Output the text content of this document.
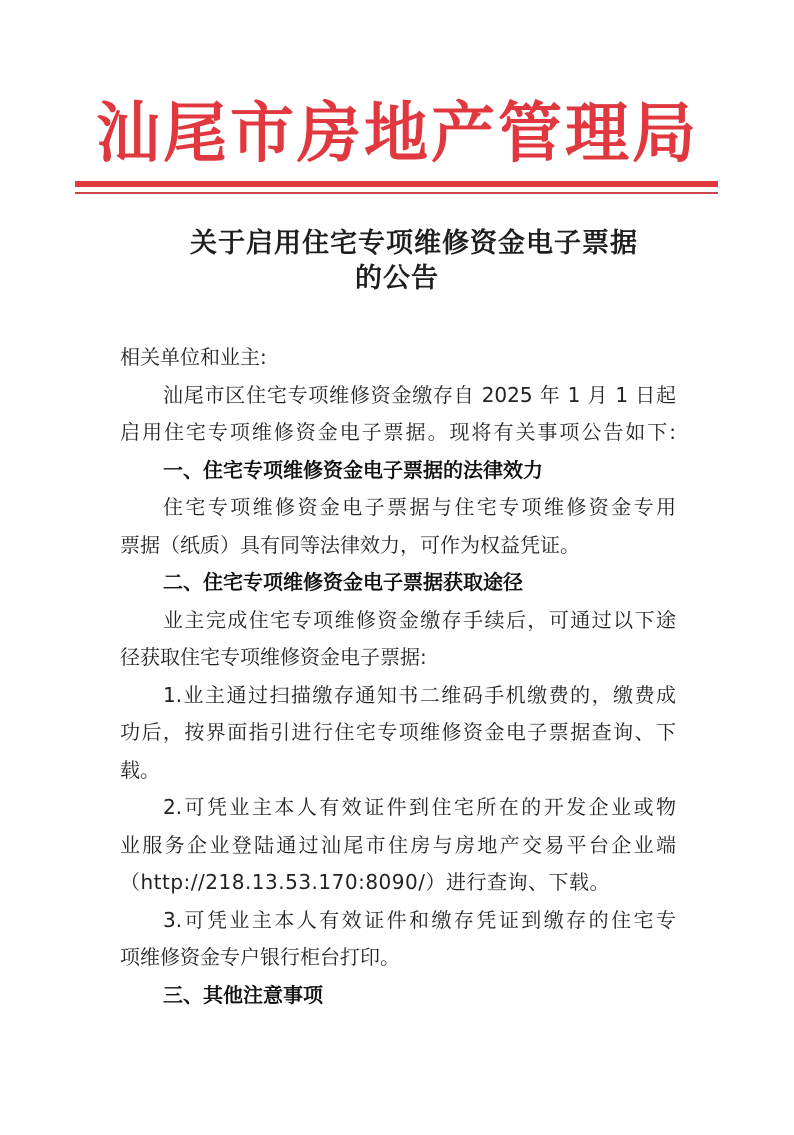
汕 尾 市 房 地 产 管 理 局
关于启用住宅专项维修资金电子票据
的公告
相关单位和业主:
汕尾市区住宅专项维修资金缴存自 2025 年 1 月 1 日起
启用住宅专项维修资金电子票据。现将有关事项公告如下:
一、住宅专项维修资金电子票据的法律效力
住宅专项维修资金电子票据与住宅专项维修资金专用
票据（纸质）具有同等法律效力，可作为权益凭证。
二、住宅专项维修资金电子票据获取途径
业主完成住宅专项维修资金缴存手续后，可通过以下途
径获取住宅专项维修资金电子票据:
1.业主通过扫描缴存通知书二维码手机缴费的，缴费成
功后，按界面指引进行住宅专项维修资金电子票据查询、下
载。
2.可凭业主本人有效证件到住宅所在的开发企业或物
业服务企业登陆通过汕尾市住房与房地产交易平台企业端
（http://218.13.53.170:8090/）进行查询、下载。
3.可凭业主本人有效证件和缴存凭证到缴存的住宅专
项维修资金专户银行柜台打印。
三、其他注意事项
